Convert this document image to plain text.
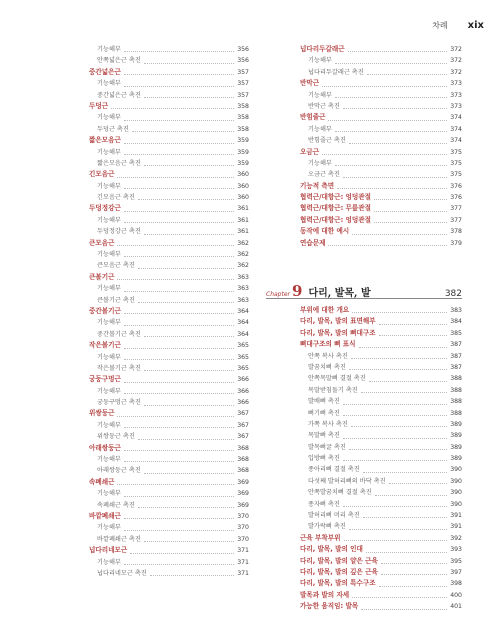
차례 xix
기능해부	356
안쪽넓은근 촉진	356
중간넓은근	357
기능해부	357
중간넓은근 촉진	357
두덩근	358
기능해부	358
두덩근 촉진	358
짧은모음근	359
기능해부	359
짧은모음근 촉진	359
긴모음근	360
기능해부	360
긴모음근 촉진	360
두덩정강근	361
기능해부	361
두덩정강근 촉진	361
큰모음근	362
기능해부	362
큰모음근 촉진	362
큰볼기근	363
기능해부	363
큰볼기근 촉진	363
중간볼기근	364
기능해부	364
중간볼기근 촉진	364
작은볼기근	365
기능해부	365
작은볼기근 촉진	365
궁둥구멍근	366
기능해부	366
궁둥구멍근 촉진	366
위쌍둥근	367
기능해부	367
위쌍둥근 촉진	367
아래쌍둥근	368
기능해부	368
아래쌍둥근 촉진	368
속폐쇄근	369
기능해부	369
속폐쇄근 촉진	369
바깥폐쇄근	370
기능해부	370
바깥폐쇄근 촉진	370
넙다리네모근	371
기능해부	371
넙다리네모근 촉진	371
넙다리두갈래근	372
기능해부	372
넙다리두갈래근 촉진	372
반막근	373
기능해부	373
반막근 촉진	373
반힘줄근	374
기능해부	374
반힘줄근 촉진	374
오금근	375
기능해부	375
오금근 촉진	375
기능적 측면	376
협력근/대항근: 엉덩관절	376
협력근/대항근: 무릎관절	377
협력근/대항근: 엉덩관절	377
동작에 대한 예시	378
연습문제	379
Chapter 9 다리, 발목, 발	382
부위에 대한 개요	383
다리, 발목, 발의 표면해부	384
다리, 발목, 발의 뼈대구조	385
뼈대구조의 뼈 표식	387
안쪽 복사 촉진	387
발꿈치뼈 촉진	387
안쪽목말뼈 결절 촉진	388
목말받침돌기 촉진	388
발배뼈 촉진	388
뼈기뼈 촉진	388
가쪽 복사 촉진	389
목말뼈 촉진	389
발목뼈굴 촉진	389
입방뼈 촉진	389
종아리뼈 결절 촉진	390
다섯째 발허리뼈의 바닥 촉진	390
안쪽발꿈치뼈 결절 촉진	390
종자뼈 촉진	390
발허리뼈 머리 촉진	391
발가락뼈 촉진	391
근육 부착부위	392
다리, 발목, 발의 인대	393
다리, 발목, 발의 얕은 근육	395
다리, 발목, 발의 깊은 근육	397
다리, 발목, 발의 특수구조	398
발목과 발의 자세	400
가능한 움직임: 발목	401
